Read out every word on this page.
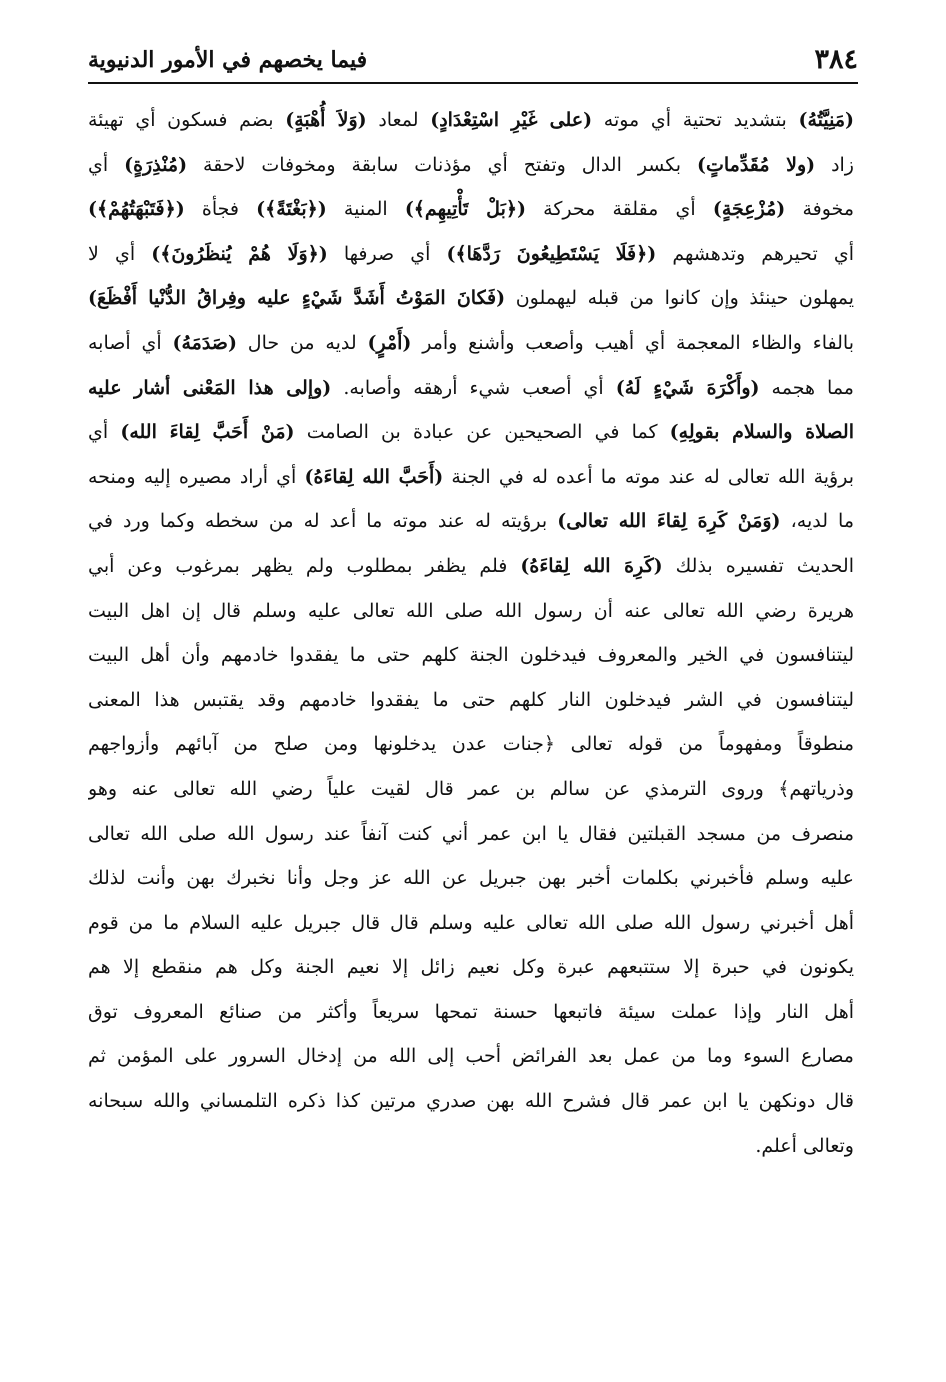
٣٨٤
فيما يخصهم في الأمور الدنيوية
(مَنِيَّتُهُ) بتشديد تحتية أي موته (على غَيْرِ اسْتِعْدَادٍ) لمعاد (وَلاَ أُهْبَةٍ) بضم فسكون أي تهيئة
زاد (ولا مُقَدِّماتٍ) بكسر الدال وتفتح أي مؤذنات سابقة ومخوفات لاحقة (مُنْذِرَةٍ) أي
مخوفة (مُزْعِجَةٍ) أي مقلقة محركة (﴿بَلْ تَأْتِيهِم﴾) المنية (﴿بَغْتَةً﴾) فجأة (﴿فَتَبْهَتُهُمْ﴾)
أي تحيرهم وتدهشهم (﴿فَلَا يَسْتَطِيعُونَ رَدَّهَا﴾) أي صرفها (﴿وَلَا هُمْ يُنظَرُونَ﴾) أي لا
يمهلون حينئذ وإن كانوا من قبله ليهملون (فَكانَ المَوْتُ أَشَدَّ شَيْءٍ عليه وفِراقُ الدُّنْيا أَفْظَعَ)
بالفاء والظاء المعجمة أي أهيب وأصعب وأشنع وأمر (أَمْرٍ) لديه من حال (صَدَمَهُ) أي أصابه
مما هجمه (وأَكْرَهَ شَيْءٍ لَهُ) أي أصعب شيء أرهقه وأصابه. (وإلى هذا المَعْنى أشار عليه
الصلاة والسلام بقولِهِ) كما في الصحيحين عن عبادة بن الصامت (مَنْ أَحَبَّ لِقاءَ الله) أي
برؤية الله تعالى له عند موته ما أعده له في الجنة (أَحَبَّ الله لِقاءَهُ) أي أراد مصيره إليه ومنحه
ما لديه، (وَمَنْ كَرِهَ لِقاءَ الله تعالى) برؤيته له عند موته ما أعد له من سخطه وكما ورد في
الحديث تفسيره بذلك (كَرِهَ الله لِقاءَهُ) فلم يظفر بمطلوب ولم يظهر بمرغوب وعن أبي
هريرة رضي الله تعالى عنه أن رسول الله صلى الله تعالى عليه وسلم قال إن اهل البيت
ليتنافسون في الخير والمعروف فيدخلون الجنة كلهم حتى ما يفقدوا خادمهم وأن أهل البيت
ليتنافسون في الشر فيدخلون النار كلهم حتى ما يفقدوا خادمهم وقد يقتبس هذا المعنى
منطوقاً ومفهوماً من قوله تعالى ﴿جنات عدن يدخلونها ومن صلح من آبائهم وأزواجهم
وذرياتهم﴾ وروى الترمذي عن سالم بن عمر قال لقيت علياً رضي الله تعالى عنه وهو
منصرف من مسجد القبلتين فقال يا ابن عمر أني كنت آنفاً عند رسول الله صلى الله تعالى
عليه وسلم فأخبرني بكلمات أخبر بهن جبريل عن الله عز وجل وأنا نخبرك بهن وأنت لذلك
أهل أخبرني رسول الله صلى الله تعالى عليه وسلم قال قال جبريل عليه السلام ما من قوم
يكونون في حبرة إلا ستتبعهم عبرة وكل نعيم زائل إلا نعيم الجنة وكل هم منقطع إلا هم
أهل النار وإذا عملت سيئة فاتبعها حسنة تمحها سريعاً وأكثر من صنائع المعروف توق
مصارع السوء وما من عمل بعد الفرائض أحب إلى الله من إدخال السرور على المؤمن ثم
قال دونكهن يا ابن عمر قال فشرح الله بهن صدري مرتين كذا ذكره التلمساني والله سبحانه
وتعالى أعلم.
